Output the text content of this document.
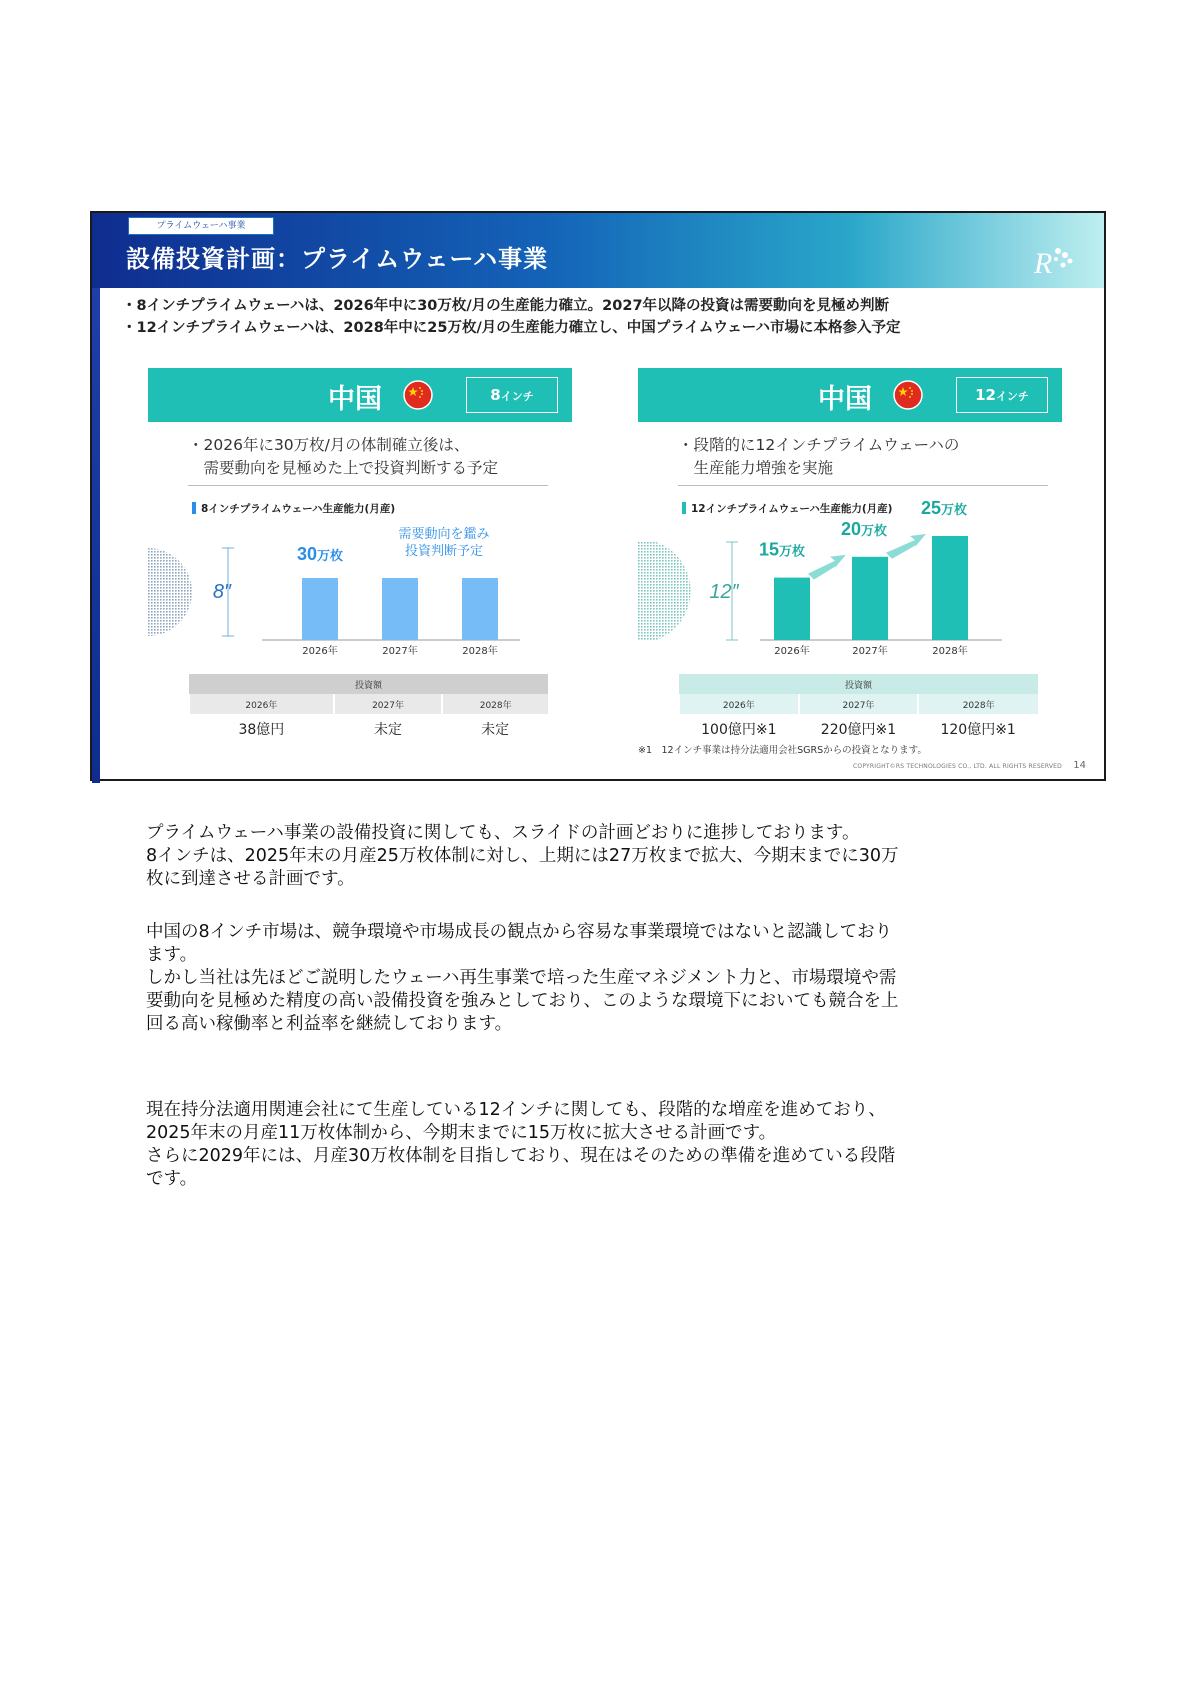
プライムウェーハ事業
設備投資計画：プライムウェーハ事業	R
・8インチプライムウェーハは、2026年中に30万枚/月の生産能力確立。2027年以降の投資は需要動向を見極め判断
・12インチプライムウェーハは、2028年中に25万枚/月の生産能力確立し、中国プライムウェーハ市場に本格参入予定
中国	8インチ
・2026年に30万枚/月の体制確立後は、
　需要動向を見極めた上で投資判断する予定
8インチプライムウェーハ生産能力(月産)
8″
2026年	2027年	2028年
30万枚
需要動向を鑑み
投資判断予定
投資額		
2026年	2027年	2028年
38億円	未定	未定
中国	12インチ
・段階的に12インチプライムウェーハの
　生産能力増強を実施
12インチプライムウェーハ生産能力(月産)
12″
2026年	2027年	2028年
15万枚
20万枚
25万枚
投資額		
2026年	2027年	2028年
100億円※1	220億円※1	120億円※1
※1　12インチ事業は持分法適用会社SGRSからの投資となります。
COPYRIGHT©RS TECHNOLOGIES CO., LTD. ALL RIGHTS RESERVED 14

プライムウェーハ事業の設備投資に関しても、スライドの計画どおりに進捗しております。

8インチは、2025年末の月産25万枚体制に対し、上期には27万枚まで拡大、今期末までに30万

枚に到達させる計画です。

中国の8インチ市場は、競争環境や市場成長の観点から容易な事業環境ではないと認識しており

ます。

しかし当社は先ほどご説明したウェーハ再生事業で培った生産マネジメント力と、市場環境や需

要動向を見極めた精度の高い設備投資を強みとしており、このような環境下においても競合を上

回る高い稼働率と利益率を継続しております。

現在持分法適用関連会社にて生産している12インチに関しても、段階的な増産を進めており、

2025年末の月産11万枚体制から、今期末までに15万枚に拡大させる計画です。

さらに2029年には、月産30万枚体制を目指しており、現在はそのための準備を進めている段階

です。
